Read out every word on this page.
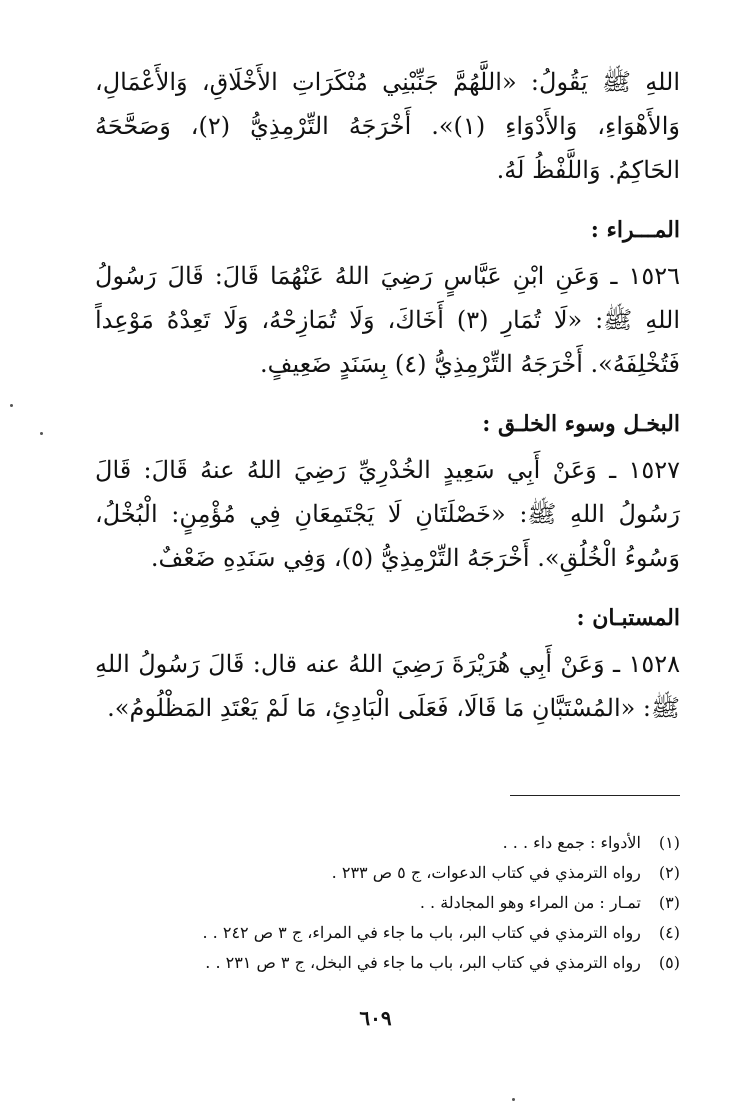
اللهِ ﷺ يَقُولُ: «اللَّهُمَّ جَنِّبْنِي مُنْكَرَاتِ الأَخْلَاقِ، وَالأَعْمَالِ، وَالأَهْوَاءِ، وَالأَدْوَاءِ (١)». أَخْرَجَهُ التِّرْمِذِيُّ (٢)، وَصَحَّحَهُ الحَاكِمُ. وَاللَّفْظُ لَهُ.

المـــراء :

١٥٢٦ ـ وَعَنِ ابْنِ عَبَّاسٍ رَضِيَ اللهُ عَنْهُمَا قَالَ: قَالَ رَسُولُ اللهِ ﷺ: «لَا تُمَارِ (٣) أَخَاكَ، وَلَا تُمَازِحْهُ، وَلَا تَعِدْهُ مَوْعِداً فَتُخْلِفَهُ». أَخْرَجَهُ التِّرْمِذِيُّ (٤) بِسَنَدٍ ضَعِيفٍ.

البخـل وسوء الخلـق :

١٥٢٧ ـ وَعَنْ أَبِي سَعِيدٍ الخُدْرِيِّ رَضِيَ اللهُ عنهُ قَالَ: قَالَ رَسُولُ اللهِ ﷺ: «خَصْلَتَانِ لَا يَجْتَمِعَانِ فِي مُؤْمِنٍ: الْبُخْلُ، وَسُوءُ الْخُلُقِ». أَخْرَجَهُ التِّرْمِذِيُّ (٥)، وَفِي سَنَدِهِ ضَعْفٌ.

المستبـان :

١٥٢٨ ـ وَعَنْ أَبِي هُرَيْرَةَ رَضِيَ اللهُ عنه قال: قَالَ رَسُولُ اللهِ ﷺ: «المُسْتَبَّانِ مَا قَالَا، فَعَلَى الْبَادِئِ، مَا لَمْ يَعْتَدِ المَظْلُومُ».

(١) الأدواء : جمع داء . . .
(٢) رواه الترمذي في كتاب الدعوات، ج ٥ ص ٢٣٣ .
(٣) تمـار : من المراء وهو المجادلة . .
(٤) رواه الترمذي في كتاب البر، باب ما جاء في المراء، ج ٣ ص ٢٤٢ . .
(٥) رواه الترمذي في كتاب البر، باب ما جاء في البخل، ج ٣ ص ٢٣١ . .
٦٠٩
